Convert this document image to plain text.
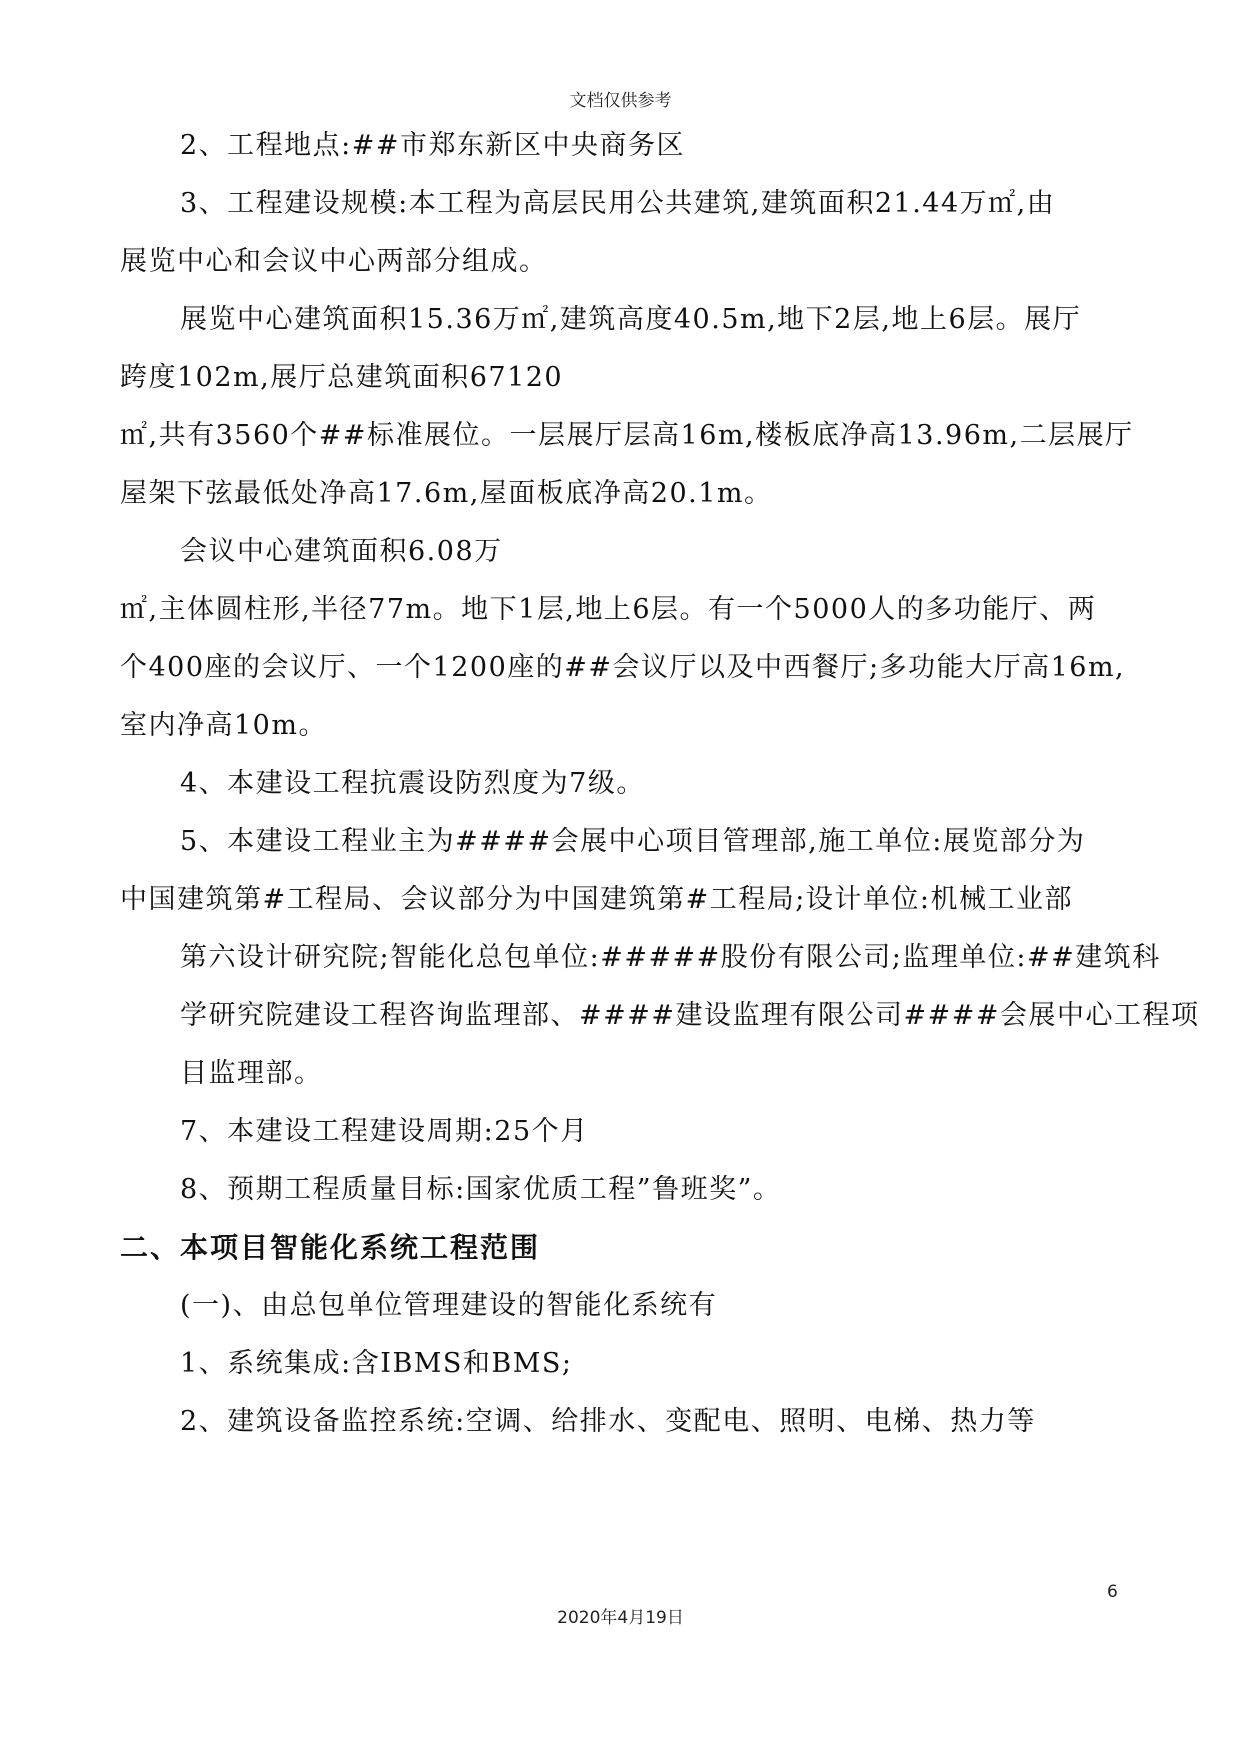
文档仅供参考

2、工程地点:##市郑东新区中央商务区

3、工程建设规模:本工程为高层民用公共建筑,建筑面积21.44万㎡,由
展览中心和会议中心两部分组成。

展览中心建筑面积15.36万㎡,建筑高度40.5m,地下2层,地上6层。展厅
跨度102m,展厅总建筑面积67120

㎡,共有3560个##标准展位。一层展厅层高16m,楼板底净高13.96m,二层展厅
屋架下弦最低处净高17.6m,屋面板底净高20.1m。

会议中心建筑面积6.08万

㎡,主体圆柱形,半径77m。地下1层,地上6层。有一个5000人的多功能厅、两
个400座的会议厅、一个1200座的##会议厅以及中西餐厅;多功能大厅高16m,
室内净高10m。

4、本建设工程抗震设防烈度为7级。

5、本建设工程业主为####会展中心项目管理部,施工单位:展览部分为
中国建筑第#工程局、会议部分为中国建筑第#工程局;设计单位:机械工业部
第六设计研究院;智能化总包单位:#####股份有限公司;监理单位:##建筑科
学研究院建设工程咨询监理部、####建设监理有限公司####会展中心工程项
目监理部。

7、本建设工程建设周期:25个月

8、预期工程质量目标:国家优质工程”鲁班奖”。

二、本项目智能化系统工程范围

(一)、由总包单位管理建设的智能化系统有

1、系统集成:含IBMS和BMS;

2、建筑设备监控系统:空调、给排水、变配电、照明、电梯、热力等

6
2020年4月19日
